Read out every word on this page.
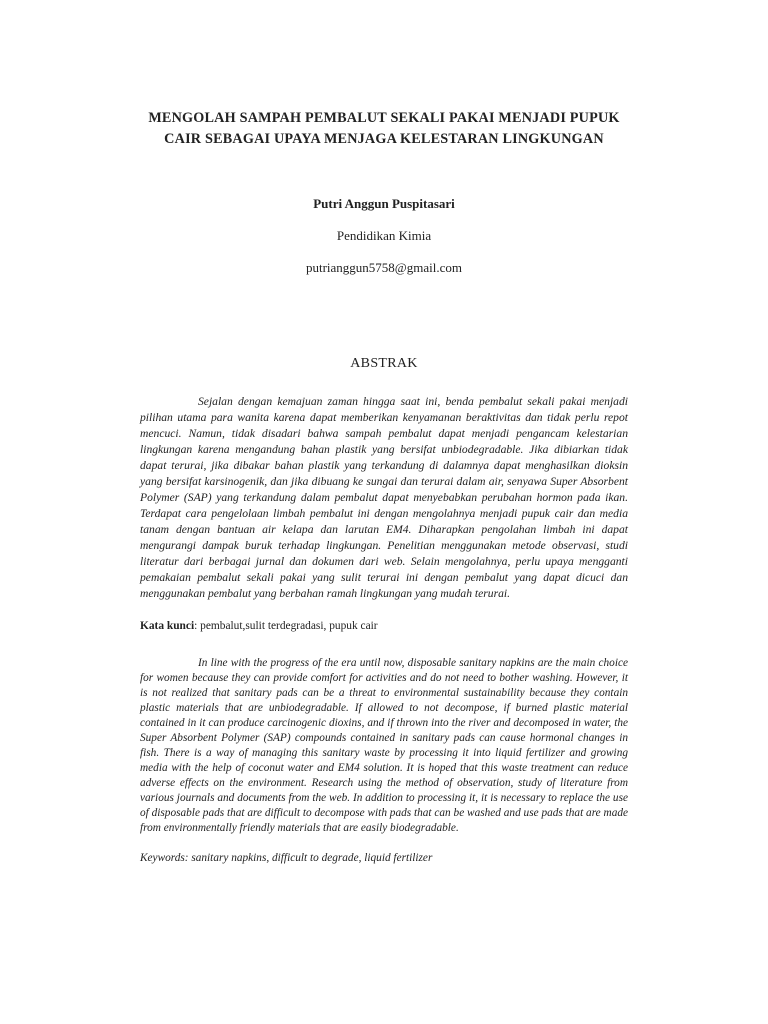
MENGOLAH SAMPAH PEMBALUT SEKALI PAKAI MENJADI PUPUK
CAIR SEBAGAI UPAYA MENJAGA KELESTARAN LINGKUNGAN
Putri Anggun Puspitasari
Pendidikan Kimia
putrianggun5758@gmail.com
ABSTRAK

Sejalan dengan kemajuan zaman hingga saat ini, benda pembalut sekali pakai menjadi pilihan utama para wanita karena dapat memberikan kenyamanan beraktivitas dan tidak perlu repot mencuci. Namun, tidak disadari bahwa sampah pembalut dapat menjadi pengancam kelestarian lingkungan karena mengandung bahan plastik yang bersifat unbiodegradable. Jika dibiarkan tidak dapat terurai, jika dibakar bahan plastik yang terkandung di dalamnya dapat menghasilkan dioksin yang bersifat karsinogenik, dan jika dibuang ke sungai dan terurai dalam air, senyawa Super Absorbent Polymer (SAP) yang terkandung dalam pembalut dapat menyebabkan perubahan hormon pada ikan. Terdapat cara pengelolaan limbah pembalut ini dengan mengolahnya menjadi pupuk cair dan media tanam dengan bantuan air kelapa dan larutan EM4. Diharapkan pengolahan limbah ini dapat mengurangi dampak buruk terhadap lingkungan. Penelitian menggunakan metode observasi, studi literatur dari berbagai jurnal dan dokumen dari web. Selain mengolahnya, perlu upaya mengganti pemakaian pembalut sekali pakai yang sulit terurai ini dengan pembalut yang dapat dicuci dan menggunakan pembalut yang berbahan ramah lingkungan yang mudah terurai.

Kata kunci: pembalut,sulit terdegradasi, pupuk cair

In line with the progress of the era until now, disposable sanitary napkins are the main choice for women because they can provide comfort for activities and do not need to bother washing. However, it is not realized that sanitary pads can be a threat to environmental sustainability because they contain plastic materials that are unbiodegradable. If allowed to not decompose, if burned plastic material contained in it can produce carcinogenic dioxins, and if thrown into the river and decomposed in water, the Super Absorbent Polymer (SAP) compounds contained in sanitary pads can cause hormonal changes in fish. There is a way of managing this sanitary waste by processing it into liquid fertilizer and growing media with the help of coconut water and EM4 solution. It is hoped that this waste treatment can reduce adverse effects on the environment. Research using the method of observation, study of literature from various journals and documents from the web. In addition to processing it, it is necessary to replace the use of disposable pads that are difficult to decompose with pads that can be washed and use pads that are made from environmentally friendly materials that are easily biodegradable.

Keywords: sanitary napkins, difficult to degrade, liquid fertilizer
